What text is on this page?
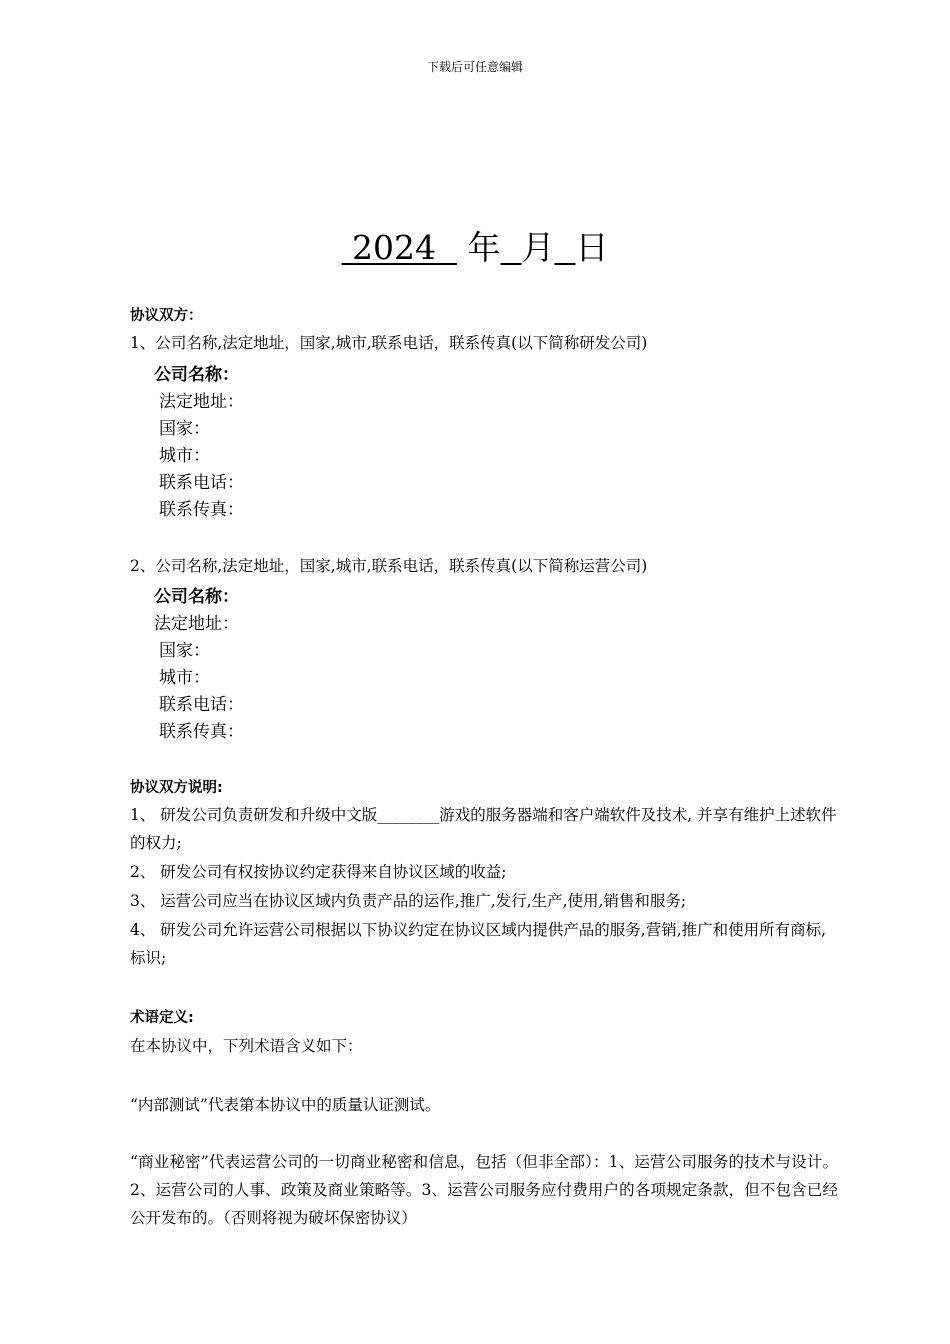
下载后可任意编辑
2024 年 月 日
协议双方：
1、公司名称,法定地址，国家,城市,联系电话，联系传真(以下简称研发公司)
公司名称：
法定地址：
国家：
城市：
联系电话：
联系传真：
2、公司名称,法定地址，国家,城市,联系电话，联系传真(以下简称运营公司)
公司名称：
法定地址：
国家：
城市：
联系电话：
联系传真：
协议双方说明:
1、 研发公司负责研发和升级中文版________游戏的服务器端和客户端软件及技术, 并享有维护上述软件的权力;
2、 研发公司有权按协议约定获得来自协议区域的收益;
3、 运营公司应当在协议区域内负责产品的运作,推广,发行,生产,使用,销售和服务;
4、 研发公司允许运营公司根据以下协议约定在协议区域内提供产品的服务,营销,推广和使用所有商标,标识;
术语定义:
在本协议中，下列术语含义如下：
“内部测试”代表第本协议中的质量认证测试。
“商业秘密”代表运营公司的一切商业秘密和信息，包括（但非全部）：1、运营公司服务的技术与设计。2、运营公司的人事、政策及商业策略等。3、运营公司服务应付费用户的各项规定条款，但不包含已经公开发布的。（否则将视为破坏保密协议）
